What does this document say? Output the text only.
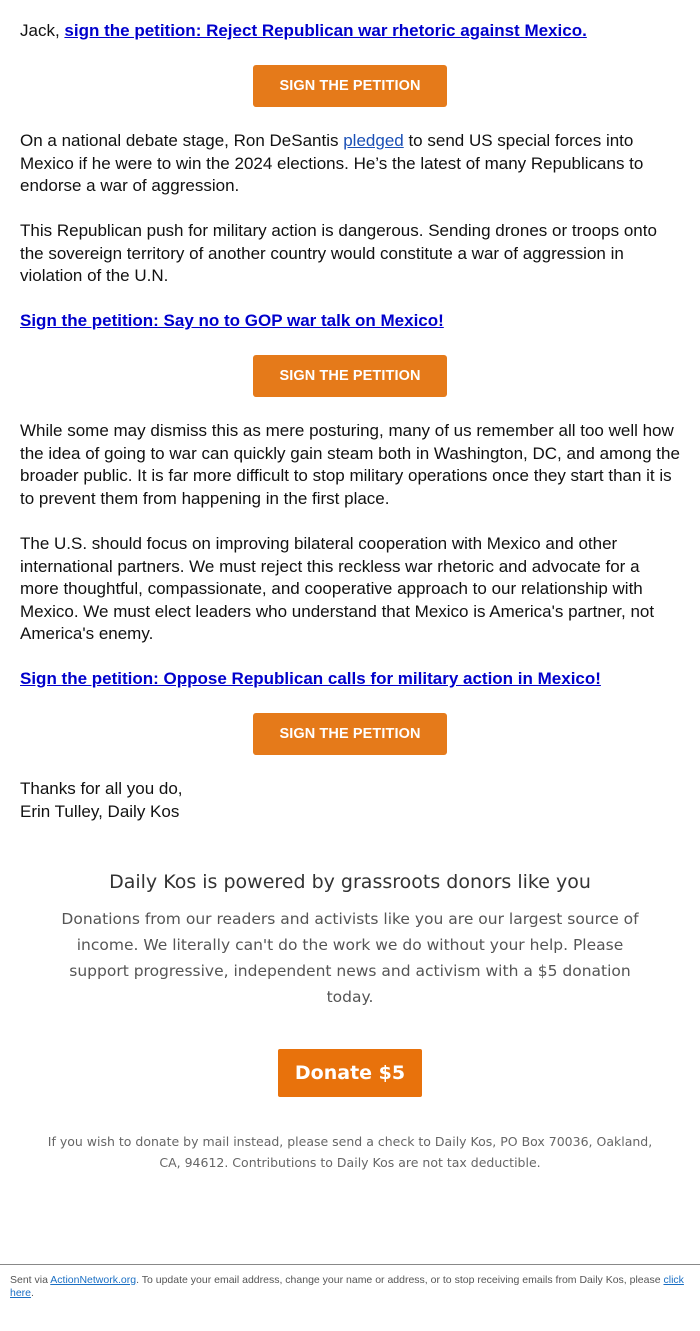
Jack, sign the petition: Reject Republican war rhetoric against Mexico.
SIGN THE PETITION

On a national debate stage, Ron DeSantis pledged to send US special forces into Mexico if he were to win the 2024 elections. He’s the latest of many Republicans to endorse a war of aggression.

This Republican push for military action is dangerous. Sending drones or troops onto the sovereign territory of another country would constitute a war of aggression in violation of the U.N.

Sign the petition: Say no to GOP war talk on Mexico!

SIGN THE PETITION

While some may dismiss this as mere posturing, many of us remember all too well how the idea of going to war can quickly gain steam both in Washington, DC, and among the broader public. It is far more difficult to stop military operations once they start than it is to prevent them from happening in the first place.

The U.S. should focus on improving bilateral cooperation with Mexico and other international partners. We must reject this reckless war rhetoric and advocate for a more thoughtful, compassionate, and cooperative approach to our relationship with Mexico. We must elect leaders who understand that Mexico is America's partner, not America's enemy.

Sign the petition: Oppose Republican calls for military action in Mexico!

SIGN THE PETITION

Thanks for all you do,
Erin Tulley, Daily Kos

Daily Kos is powered by grassroots donors like you

Donations from our readers and activists like you are our largest source of income. We literally can't do the work we do without your help. Please support progressive, independent news and activism with a $5 donation today.

Donate $5

If you wish to donate by mail instead, please send a check to Daily Kos, PO Box 70036, Oakland, CA, 94612. Contributions to Daily Kos are not tax deductible.

Sent via ActionNetwork.org. To update your email address, change your name or address, or to stop receiving emails from Daily Kos, please click here.
